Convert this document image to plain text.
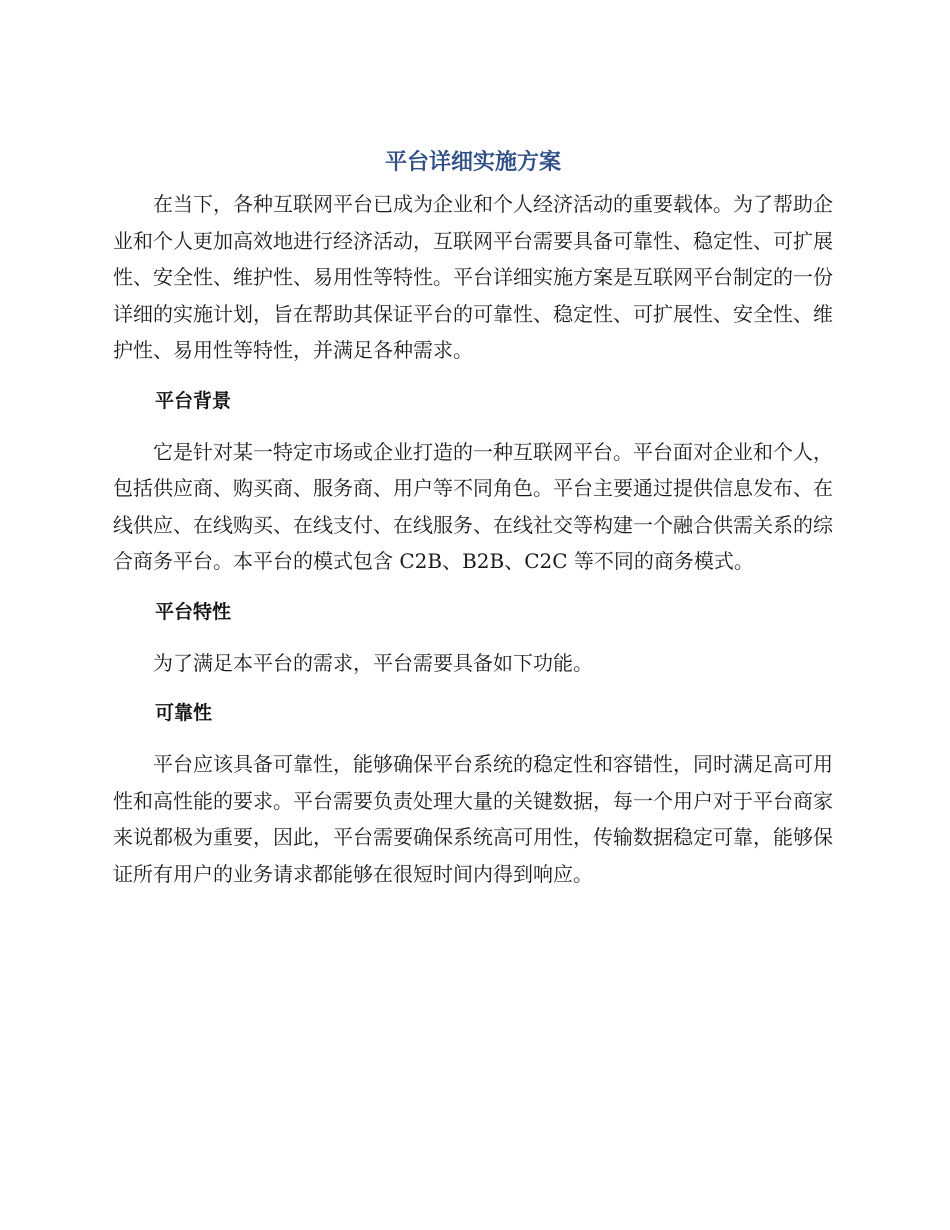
平台详细实施方案

在当下，各种互联网平台已成为企业和个人经济活动的重要载体。为了帮助企业和个人更加高效地进行经济活动，互联网平台需要具备可靠性、稳定性、可扩展性、安全性、维护性、易用性等特性。平台详细实施方案是互联网平台制定的一份详细的实施计划，旨在帮助其保证平台的可靠性、稳定性、可扩展性、安全性、维护性、易用性等特性，并满足各种需求。

平台背景

它是针对某一特定市场或企业打造的一种互联网平台。平台面对企业和个人，包括供应商、购买商、服务商、用户等不同角色。平台主要通过提供信息发布、在线供应、在线购买、在线支付、在线服务、在线社交等构建一个融合供需关系的综合商务平台。本平台的模式包含 C2B、B2B、C2C 等不同的商务模式。

平台特性

为了满足本平台的需求，平台需要具备如下功能。

可靠性

平台应该具备可靠性，能够确保平台系统的稳定性和容错性，同时满足高可用性和高性能的要求。平台需要负责处理大量的关键数据，每一个用户对于平台商家来说都极为重要，因此，平台需要确保系统高可用性，传输数据稳定可靠，能够保证所有用户的业务请求都能够在很短时间内得到响应。
